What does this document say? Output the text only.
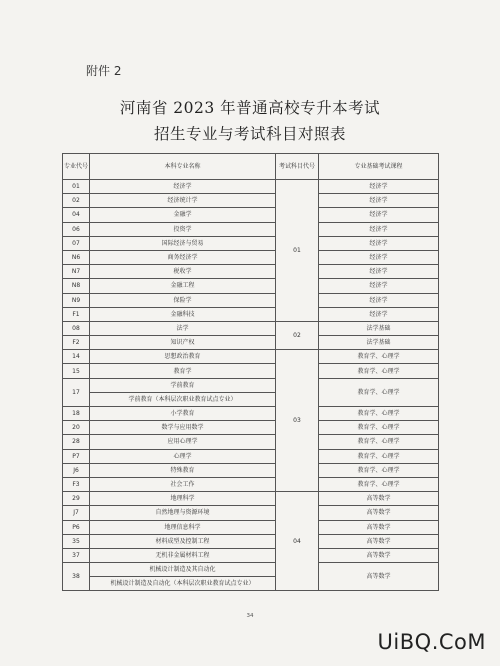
附件 2
河南省 2023 年普通高校专升本考试
招生专业与考试科目对照表
专业代号	本科专业名称	考试科目代号	专业基础考试课程
01	经济学	01	经济学
02	经济统计学		经济学
04	金融学		经济学
06	投资学		经济学
07	国际经济与贸易		经济学
N6	商务经济学		经济学
N7	税收学		经济学
N8	金融工程		经济学
N9	保险学		经济学
F1	金融科技		经济学
08	法学	02	法学基础
F2	知识产权		法学基础
14	思想政治教育	03	教育学、心理学
15	教育学		教育学、心理学
17	学前教育		教育学、心理学
	学前教育（本科层次职业教育试点专业）		
18	小学教育		教育学、心理学
20	数学与应用数学		教育学、心理学
28	应用心理学		教育学、心理学
P7	心理学		教育学、心理学
J6	特殊教育		教育学、心理学
F3	社会工作		教育学、心理学
29	地理科学	04	高等数学
J7	自然地理与资源环境		高等数学
P6	地理信息科学		高等数学
35	材料成型及控制工程		高等数学
37	无机非金属材料工程		高等数学
38	机械设计制造及其自动化		高等数学
	机械设计制造及自动化（本科层次职业教育试点专业）		
34
UiBQ.CoM
